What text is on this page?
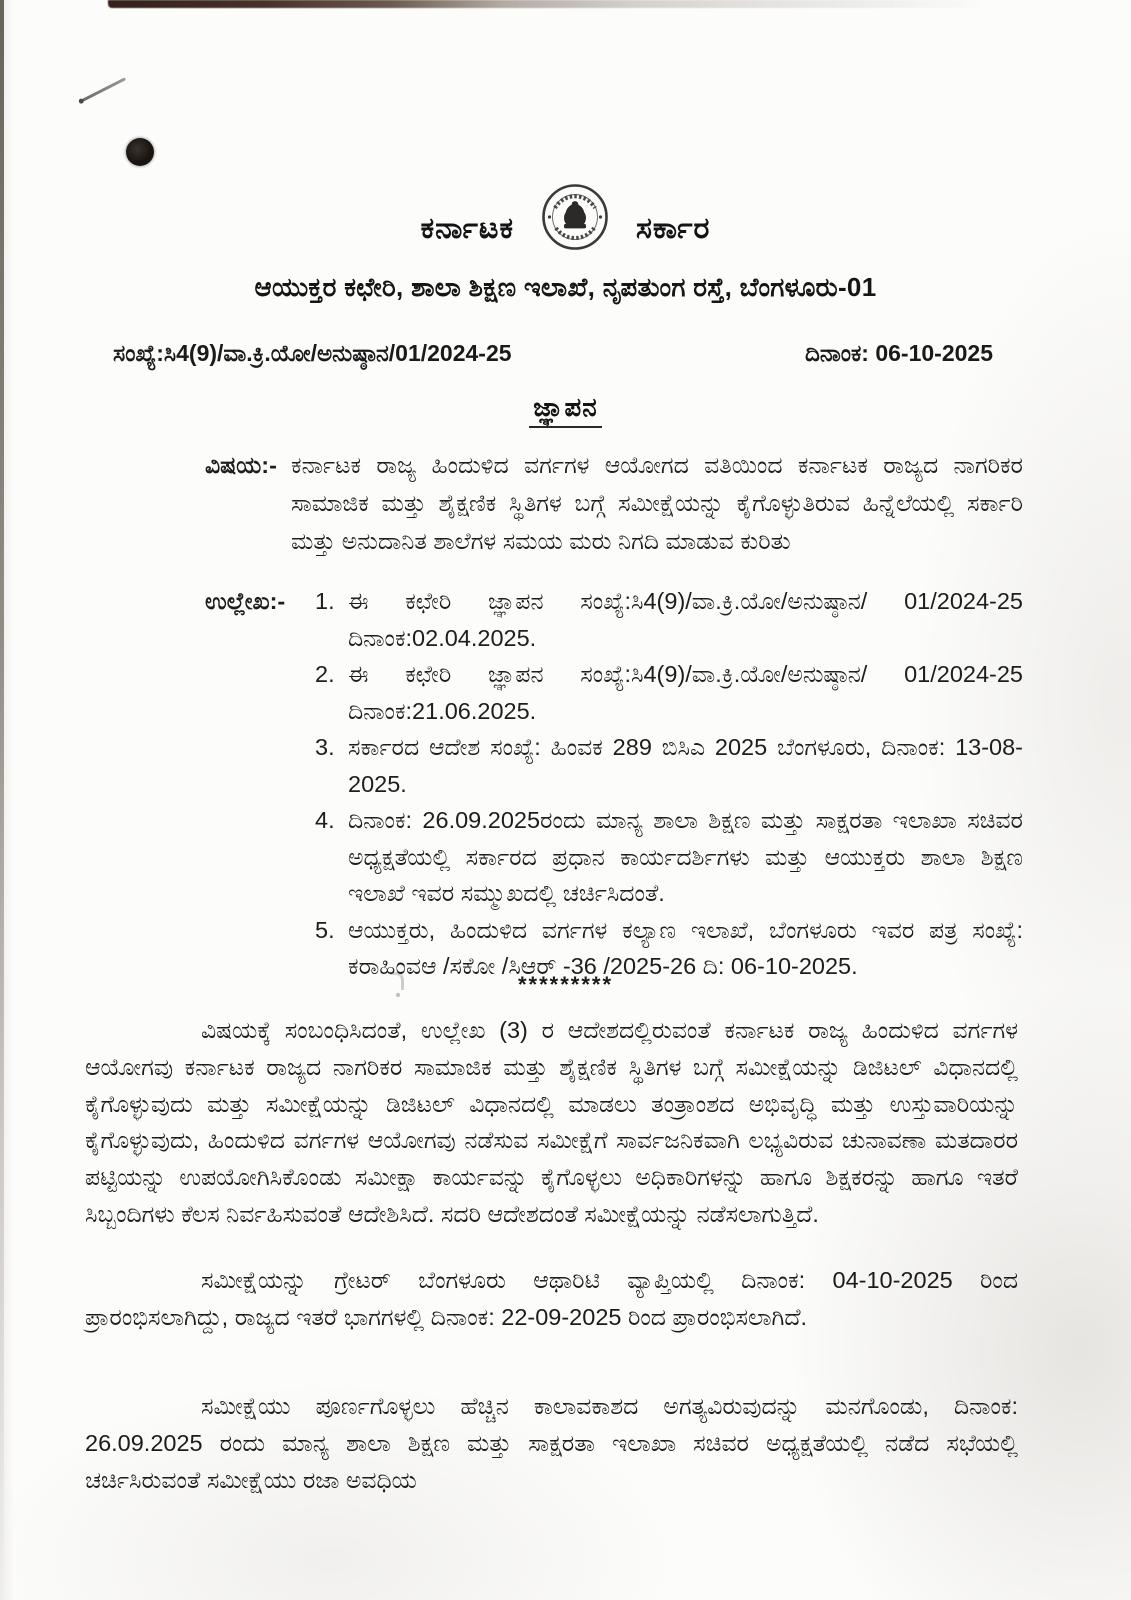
ಕರ್ನಾಟಕ	ಸರ್ಕಾರ
ಆಯುಕ್ತರ ಕಛೇರಿ, ಶಾಲಾ ಶಿಕ್ಷಣ ಇಲಾಖೆ, ನೃಪತುಂಗ ರಸ್ತೆ, ಬೆಂಗಳೂರು-01
ಸಂಖ್ಯೆ:ಸಿ4(9)/ವಾ.ಕ್ರಿ.ಯೋ/ಅನುಷ್ಠಾನ/01/2024-25	ದಿನಾಂಕ: 06-10-2025
ಜ್ಞಾಪನ
ವಿಷಯ:- ಕರ್ನಾಟಕ ರಾಜ್ಯ ಹಿಂದುಳಿದ ವರ್ಗಗಳ ಆಯೋಗದ ವತಿಯಿಂದ ಕರ್ನಾಟಕ ರಾಜ್ಯದ ನಾಗರಿಕರ ಸಾಮಾಜಿಕ ಮತ್ತು ಶೈಕ್ಷಣಿಕ ಸ್ಥಿತಿಗಳ ಬಗ್ಗೆ ಸಮೀಕ್ಷೆಯನ್ನು ಕೈಗೊಳ್ಳುತಿರುವ ಹಿನ್ನೆಲೆಯಲ್ಲಿ ಸರ್ಕಾರಿ ಮತ್ತು ಅನುದಾನಿತ ಶಾಲೆಗಳ ಸಮಯ ಮರು ನಿಗದಿ ಮಾಡುವ ಕುರಿತು
ಉಲ್ಲೇಖ:-	1. ಈ ಕಛೇರಿ ಜ್ಞಾಪನ ಸಂಖ್ಯೆ:ಸಿ4(9)/ವಾ.ಕ್ರಿ.ಯೋ/ಅನುಷ್ಠಾನ/ 01/2024-25 ದಿನಾಂಕ:02.04.2025.
2. ಈ ಕಛೇರಿ ಜ್ಞಾಪನ ಸಂಖ್ಯೆ:ಸಿ4(9)/ವಾ.ಕ್ರಿ.ಯೋ/ಅನುಷ್ಠಾನ/ 01/2024-25 ದಿನಾಂಕ:21.06.2025.
3. ಸರ್ಕಾರದ ಆದೇಶ ಸಂಖ್ಯೆ: ಹಿಂವಕ 289 ಬಿಸಿಎ 2025 ಬೆಂಗಳೂರು, ದಿನಾಂಕ: 13-08-2025.
4. ದಿನಾಂಕ: 26.09.2025ರಂದು ಮಾನ್ಯ ಶಾಲಾ ಶಿಕ್ಷಣ ಮತ್ತು ಸಾಕ್ಷರತಾ ಇಲಾಖಾ ಸಚಿವರ ಅಧ್ಯಕ್ಷತೆಯಲ್ಲಿ ಸರ್ಕಾರದ ಪ್ರಧಾನ ಕಾರ್ಯದರ್ಶಿಗಳು ಮತ್ತು ಆಯುಕ್ತರು ಶಾಲಾ ಶಿಕ್ಷಣ ಇಲಾಖೆ ಇವರ ಸಮ್ಮುಖದಲ್ಲಿ ಚರ್ಚಿಸಿದಂತೆ.
5. ಆಯುಕ್ತರು, ಹಿಂದುಳಿದ ವರ್ಗಗಳ ಕಲ್ಯಾಣ ಇಲಾಖೆ, ಬೆಂಗಳೂರು ಇವರ ಪತ್ರ ಸಂಖ್ಯೆ: ಕರಾಹಿಂವಆ /ಸಕೋ /ಸಿಆರ್ -36 /2025-26 ದಿ: 06-10-2025.
*********
ವಿಷಯಕ್ಕೆ ಸಂಬಂಧಿಸಿದಂತೆ, ಉಲ್ಲೇಖ (3) ರ ಆದೇಶದಲ್ಲಿರುವಂತೆ ಕರ್ನಾಟಕ ರಾಜ್ಯ ಹಿಂದುಳಿದ ವರ್ಗಗಳ ಆಯೋಗವು ಕರ್ನಾಟಕ ರಾಜ್ಯದ ನಾಗರಿಕರ ಸಾಮಾಜಿಕ ಮತ್ತು ಶೈಕ್ಷಣಿಕ ಸ್ಥಿತಿಗಳ ಬಗ್ಗೆ ಸಮೀಕ್ಷೆಯನ್ನು ಡಿಜಿಟಲ್ ವಿಧಾನದಲ್ಲಿ ಕೈಗೊಳ್ಳುವುದು ಮತ್ತು ಸಮೀಕ್ಷೆಯನ್ನು ಡಿಜಿಟಲ್ ವಿಧಾನದಲ್ಲಿ ಮಾಡಲು ತಂತ್ರಾಂಶದ ಅಭಿವೃದ್ಧಿ ಮತ್ತು ಉಸ್ತುವಾರಿಯನ್ನು ಕೈಗೊಳ್ಳುವುದು, ಹಿಂದುಳಿದ ವರ್ಗಗಳ ಆಯೋಗವು ನಡೆಸುವ ಸಮೀಕ್ಷೆಗೆ ಸಾರ್ವಜನಿಕವಾಗಿ ಲಭ್ಯವಿರುವ ಚುನಾವಣಾ ಮತದಾರರ ಪಟ್ಟಿಯನ್ನು ಉಪಯೋಗಿಸಿಕೊಂಡು ಸಮೀಕ್ಷಾ ಕಾರ್ಯವನ್ನು ಕೈಗೊಳ್ಳಲು ಅಧಿಕಾರಿಗಳನ್ನು ಹಾಗೂ ಶಿಕ್ಷಕರನ್ನು ಹಾಗೂ ಇತರೆ ಸಿಬ್ಬಂದಿಗಳು ಕೆಲಸ ನಿರ್ವಹಿಸುವಂತೆ ಆದೇಶಿಸಿದೆ. ಸದರಿ ಆದೇಶದಂತೆ ಸಮೀಕ್ಷೆಯನ್ನು ನಡೆಸಲಾಗುತ್ತಿದೆ.
ಸಮೀಕ್ಷೆಯನ್ನು ಗ್ರೇಟರ್ ಬೆಂಗಳೂರು ಆಥಾರಿಟಿ ವ್ಯಾಪ್ತಿಯಲ್ಲಿ ದಿನಾಂಕ: 04-10-2025 ರಿಂದ ಪ್ರಾರಂಭಿಸಲಾಗಿದ್ದು, ರಾಜ್ಯದ ಇತರೆ ಭಾಗಗಳಲ್ಲಿ ದಿನಾಂಕ: 22-09-2025 ರಿಂದ ಪ್ರಾರಂಭಿಸಲಾಗಿದೆ.
ಸಮೀಕ್ಷೆಯು ಪೂರ್ಣಗೊಳ್ಳಲು ಹೆಚ್ಚಿನ ಕಾಲಾವಕಾಶದ ಅಗತ್ಯವಿರುವುದನ್ನು ಮನಗೊಂಡು, ದಿನಾಂಕ: 26.09.2025 ರಂದು ಮಾನ್ಯ ಶಾಲಾ ಶಿಕ್ಷಣ ಮತ್ತು ಸಾಕ್ಷರತಾ ಇಲಾಖಾ ಸಚಿವರ ಅಧ್ಯಕ್ಷತೆಯಲ್ಲಿ ನಡೆದ ಸಭೆಯಲ್ಲಿ ಚರ್ಚಿಸಿರುವಂತೆ ಸಮೀಕ್ಷೆಯು ರಜಾ ಅವಧಿಯ
